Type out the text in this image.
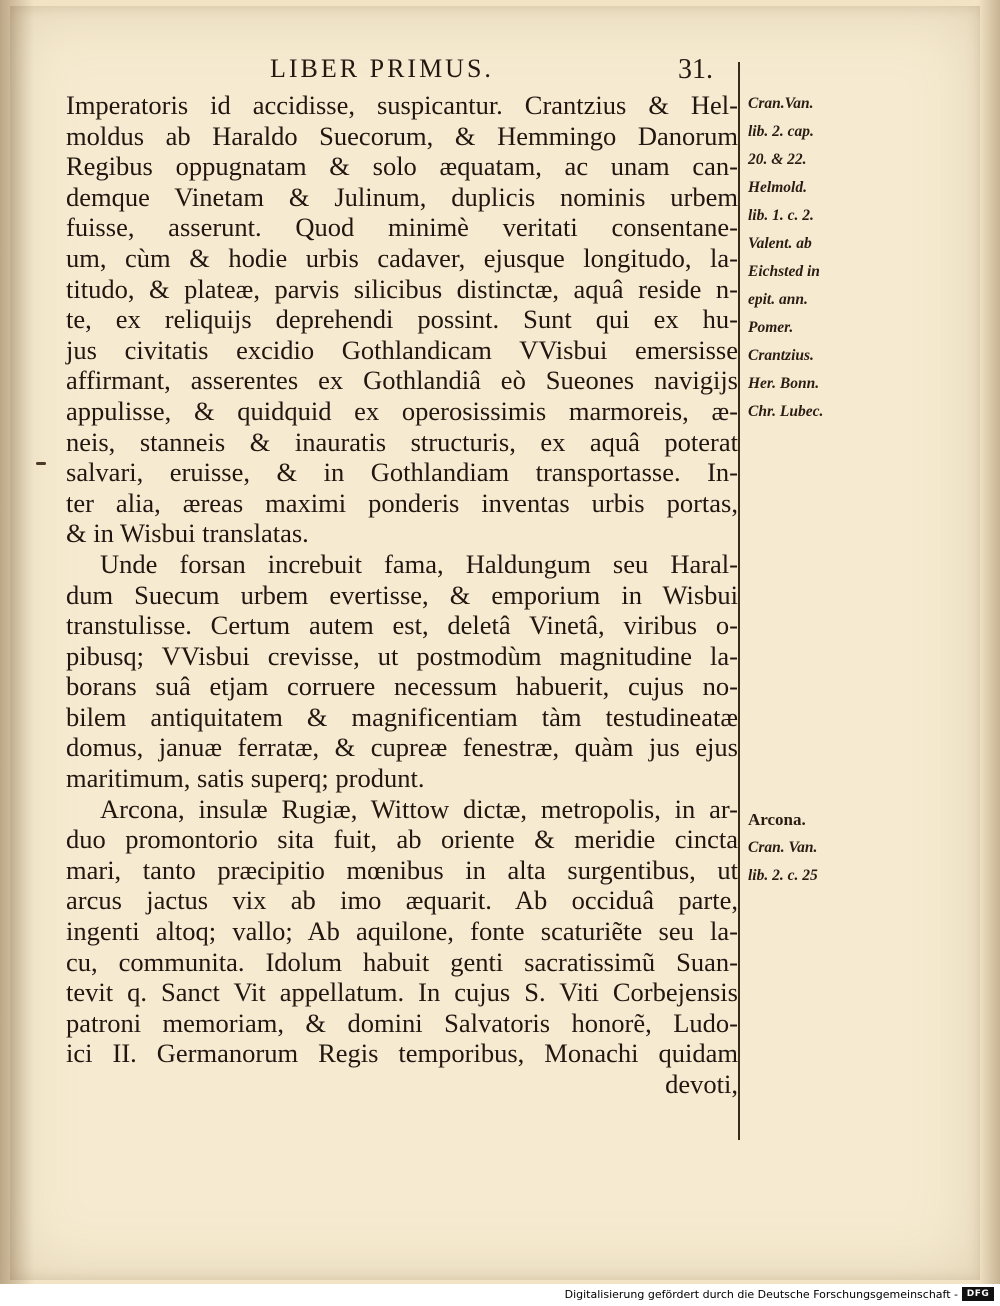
LIBER PRIMUS.	31.
Imperatoris id accidisse, suspicantur. Crantzius & Hel-
moldus ab Haraldo Suecorum, & Hemmingo Danorum
Regibus oppugnatam & solo æquatam, ac unam can-
demque Vinetam & Julinum, duplicis nominis urbem
fuisse, asserunt. Quod minimè veritati consentane-
um, cùm & hodie urbis cadaver, ejusque longitudo, la-
titudo, & plateæ, parvis silicibus distinctæ, aquâ reside n-
te, ex reliquijs deprehendi possint. Sunt qui ex hu-
jus civitatis excidio Gothlandicam VVisbui emersisse
affirmant, asserentes ex Gothlandiâ eò Sueones navigijs
appulisse, & quidquid ex operosissimis marmoreis, æ-
neis, stanneis & inauratis structuris, ex aquâ poterat
salvari, eruisse, & in Gothlandiam transportasse. In-
ter alia, æreas maximi ponderis inventas urbis portas,
& in Wisbui translatas.
Unde forsan increbuit fama, Haldungum seu Haral-
dum Suecum urbem evertisse, & emporium in Wisbui
transtulisse. Certum autem est, deletâ Vinetâ, viribus o-
pibusq; VVisbui crevisse, ut postmodùm magnitudine la-
borans suâ etjam corruere necessum habuerit, cujus no-
bilem antiquitatem & magnificentiam tàm testudineatæ
domus, januæ ferratæ, & cupreæ fenestræ, quàm jus ejus
maritimum, satis superq; produnt.
Arcona, insulæ Rugiæ, Wittow dictæ, metropolis, in ar-
duo promontorio sita fuit, ab oriente & meridie cincta
mari, tanto præcipitio mœnibus in alta surgentibus, ut
arcus jactus vix ab imo æquarit. Ab occiduâ parte,
ingenti altoq; vallo; Ab aquilone, fonte scaturiẽte seu la-
cu, communita. Idolum habuit genti sacratissimũ Suan-
tevit q. Sanct Vit appellatum. In cujus S. Viti Corbejensis
patroni memoriam, & domini Salvatoris honorẽ, Ludo-
ici II. Germanorum Regis temporibus, Monachi quidam
devoti,
Cran.Van.
lib. 2. cap.
20. & 22.
Helmold.
lib. 1. c. 2.
Valent. ab
Eichsted in
epit. ann.
Pomer.
Crantzius.
Her. Bonn.
Chr. Lubec.
Arcona.
Cran. Van.
lib. 2. c. 25
Digitalisierung gefördert durch die Deutsche Forschungsgemeinschaft - DFG
